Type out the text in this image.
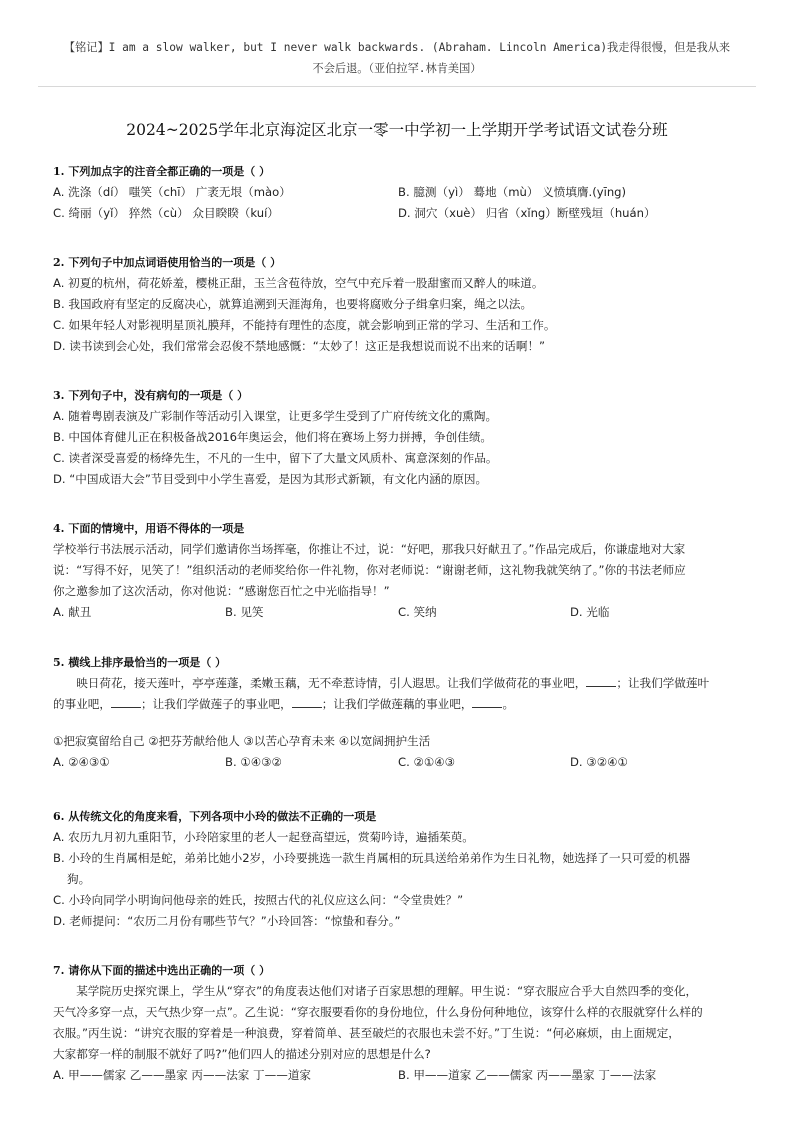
【铭记】I am a slow walker, but I never walk backwards. (Abraham. Lincoln America)我走得很慢，但是我从来
不会后退。（亚伯拉罕.林肯美国）
2024~2025学年北京海淀区北京一零一中学初一上学期开学考试语文试卷分班
1. 下列加点字的注音全都正确的一项是（ ）
A. 洗涤（dí） 嗤笑（chī） 广袤无垠（mào）	B. 臆测（yì） 蓦地（mù） 义愤填膺.(yīng)
C. 绮丽（yǐ） 猝然（cù） 众目睽睽（kuí）	D. 洞穴（xuè） 归省（xǐng）断壁残垣（huán）
2. 下列句子中加点词语使用恰当的一项是（ ）
A. 初夏的杭州，荷花娇羞，樱桃正甜，玉兰含苞待放，空气中充斥着一股甜蜜而又醉人的味道。
B. 我国政府有坚定的反腐决心，就算追溯到天涯海角，也要将腐败分子缉拿归案，绳之以法。
C. 如果年轻人对影视明星顶礼膜拜，不能持有理性的态度，就会影响到正常的学习、生活和工作。
D. 读书读到会心处，我们常常会忍俊不禁地感慨：“太妙了！这正是我想说而说不出来的话啊！”
3. 下列句子中，没有病句的一项是（ ）
A. 随着粤剧表演及广彩制作等活动引入课堂，让更多学生受到了广府传统文化的熏陶。
B. 中国体育健儿正在积极备战2016年奥运会，他们将在赛场上努力拼搏，争创佳绩。
C. 读者深受喜爱的杨绛先生，不凡的一生中，留下了大量文风质朴、寓意深刻的作品。
D. “中国成语大会”节目受到中小学生喜爱，是因为其形式新颖，有文化内涵的原因。
4. 下面的情境中，用语不得体的一项是
学校举行书法展示活动，同学们邀请你当场挥毫，你推让不过，说：“好吧，那我只好献丑了。”作品完成后，你谦虚地对大家
说：“写得不好，见笑了！”组织活动的老师奖给你一件礼物，你对老师说：“谢谢老师，这礼物我就笑纳了。”你的书法老师应
你之邀参加了这次活动，你对他说：“感谢您百忙之中光临指导！”
A. 献丑	B. 见笑	C. 笑纳	D. 光临
5. 横线上排序最恰当的一项是（ ）
映日荷花，接天莲叶，亭亭莲蓬，柔嫩玉藕，无不牵惹诗情，引人遐思。让我们学做荷花的事业吧，	；让我们学做莲叶
的事业吧，	；让我们学做莲子的事业吧，	；让我们学做莲藕的事业吧，	。
①把寂寞留给自己 ②把芬芳献给他人 ③以苦心孕育未来 ④以宽阔拥护生活
A. ②④③①	B. ①④③②	C. ②①④③	D. ③②④①
6. 从传统文化的角度来看，下列各项中小玲的做法不正确的一项是
A. 农历九月初九重阳节，小玲陪家里的老人一起登高望远，赏菊吟诗，遍插茱萸。
B. 小玲的生肖属相是蛇，弟弟比她小2岁，小玲要挑选一款生肖属相的玩具送给弟弟作为生日礼物，她选择了一只可爱的机器
狗。
C. 小玲向同学小明询问他母亲的姓氏，按照古代的礼仪应这么问：“令堂贵姓？”
D. 老师提问：“农历二月份有哪些节气？”小玲回答：“惊蛰和春分。”
7. 请你从下面的描述中选出正确的一项（ ）
某学院历史探究课上，学生从“穿衣”的角度表达他们对诸子百家思想的理解。甲生说：“穿衣服应合乎大自然四季的变化，
天气冷多穿一点，天气热少穿一点”。乙生说：“穿衣服要看你的身份地位，什么身份何种地位，该穿什么样的衣服就穿什么样的
衣服。”丙生说：“讲究衣服的穿着是一种浪费，穿着简单、甚至破烂的衣服也未尝不好。”丁生说：“何必麻烦，由上面规定，
大家都穿一样的制服不就好了吗?”他们四人的描述分别对应的思想是什么?
A. 甲——儒家 乙——墨家 丙——法家 丁——道家	B. 甲——道家 乙——儒家 丙——墨家 丁——法家
